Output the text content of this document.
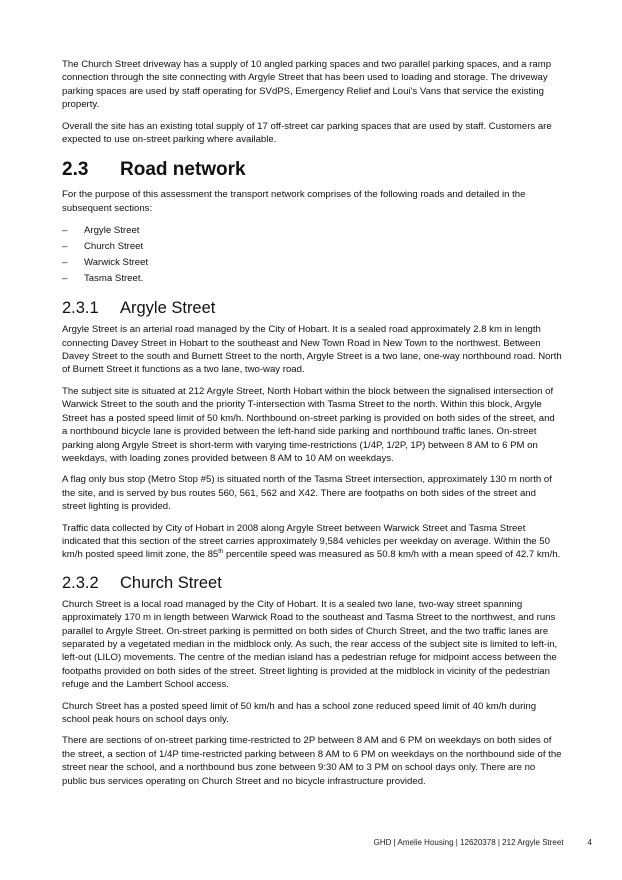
The Church Street driveway has a supply of 10 angled parking spaces and two parallel parking spaces, and a ramp connection through the site connecting with Argyle Street that has been used to loading and storage. The driveway parking spaces are used by staff operating for SVdPS, Emergency Relief and Loui's Vans that service the existing property.

Overall the site has an existing total supply of 17 off-street car parking spaces that are used by staff. Customers are expected to use on-street parking where available.

2.3 Road network

For the purpose of this assessment the transport network comprises of the following roads and detailed in the subsequent sections:

– Argyle Street
– Church Street
– Warwick Street
– Tasma Street.
2.3.1 Argyle Street

Argyle Street is an arterial road managed by the City of Hobart. It is a sealed road approximately 2.8 km in length connecting Davey Street in Hobart to the southeast and New Town Road in New Town to the northwest. Between Davey Street to the south and Burnett Street to the north, Argyle Street is a two lane, one-way northbound road. North of Burnett Street it functions as a two lane, two-way road.

The subject site is situated at 212 Argyle Street, North Hobart within the block between the signalised intersection of Warwick Street to the south and the priority T-intersection with Tasma Street to the north. Within this block, Argyle Street has a posted speed limit of 50 km/h. Northbound on-street parking is provided on both sides of the street, and a northbound bicycle lane is provided between the left-hand side parking and northbound traffic lanes. On-street parking along Argyle Street is short-term with varying time-restrictions (1/4P, 1/2P, 1P) between 8 AM to 6 PM on weekdays, with loading zones provided between 8 AM to 10 AM on weekdays.

A flag only bus stop (Metro Stop #5) is situated north of the Tasma Street intersection, approximately 130 m north of the site, and is served by bus routes 560, 561, 562 and X42. There are footpaths on both sides of the street and street lighting is provided.

Traffic data collected by City of Hobart in 2008 along Argyle Street between Warwick Street and Tasma Street indicated that this section of the street carries approximately 9,584 vehicles per weekday on average. Within the 50 km/h posted speed limit zone, the 85th percentile speed was measured as 50.8 km/h with a mean speed of 42.7 km/h.

2.3.2 Church Street

Church Street is a local road managed by the City of Hobart. It is a sealed two lane, two-way street spanning approximately 170 m in length between Warwick Road to the southeast and Tasma Street to the northwest, and runs parallel to Argyle Street. On-street parking is permitted on both sides of Church Street, and the two traffic lanes are separated by a vegetated median in the midblock only. As such, the rear access of the subject site is limited to left-in, left-out (LILO) movements. The centre of the median island has a pedestrian refuge for midpoint access between the footpaths provided on both sides of the street. Street lighting is provided at the midblock in vicinity of the pedestrian refuge and the Lambert School access.

Church Street has a posted speed limit of 50 km/h and has a school zone reduced speed limit of 40 km/h during school peak hours on school days only.

There are sections of on-street parking time-restricted to 2P between 8 AM and 6 PM on weekdays on both sides of the street, a section of 1/4P time-restricted parking between 8 AM to 6 PM on weekdays on the northbound side of the street near the school, and a northbound bus zone between 9:30 AM to 3 PM on school days only. There are no public bus services operating on Church Street and no bicycle infrastructure provided.

GHD | Amelie Housing | 12620378 | 212 Argyle Street	4
